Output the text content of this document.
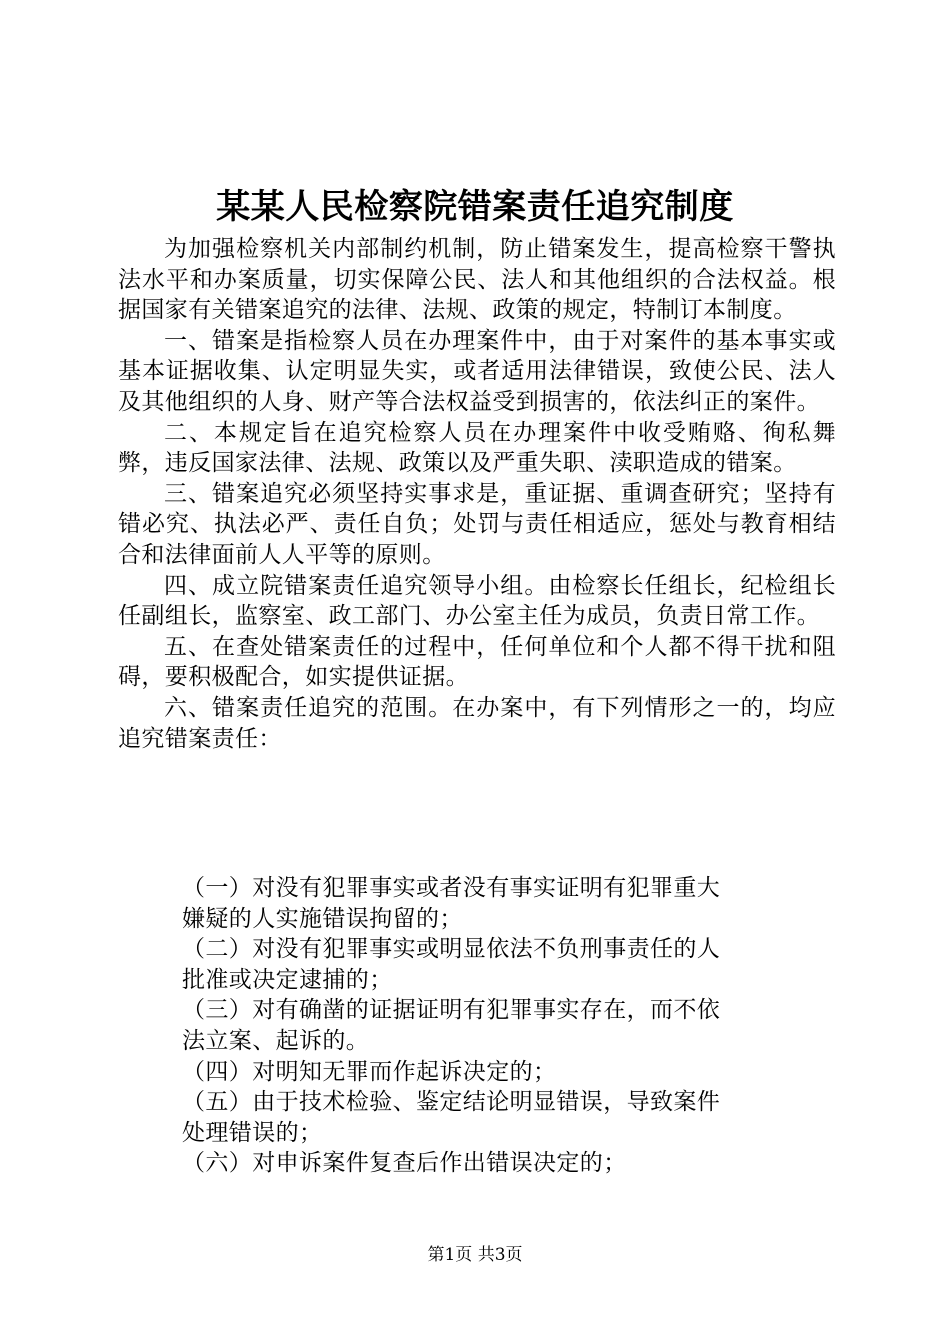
某某人民检察院错案责任追究制度

为加强检察机关内部制约机制，防止错案发生，提高检察干警执法水平和办案质量，切实保障公民、法人和其他组织的合法权益。根据国家有关错案追究的法律、法规、政策的规定，特制订本制度。

一、错案是指检察人员在办理案件中，由于对案件的基本事实或基本证据收集、认定明显失实，或者适用法律错误，致使公民、法人及其他组织的人身、财产等合法权益受到损害的，依法纠正的案件。

二、本规定旨在追究检察人员在办理案件中收受贿赂、徇私舞弊，违反国家法律、法规、政策以及严重失职、渎职造成的错案。

三、错案追究必须坚持实事求是，重证据、重调查研究；坚持有错必究、执法必严、责任自负；处罚与责任相适应，惩处与教育相结合和法律面前人人平等的原则。

四、成立院错案责任追究领导小组。由检察长任组长，纪检组长任副组长，监察室、政工部门、办公室主任为成员，负责日常工作。

五、在查处错案责任的过程中，任何单位和个人都不得干扰和阻碍，要积极配合，如实提供证据。

六、错案责任追究的范围。在办案中，有下列情形之一的，均应追究错案责任：

（一）对没有犯罪事实或者没有事实证明有犯罪重大嫌疑的人实施错误拘留的；

（二）对没有犯罪事实或明显依法不负刑事责任的人批准或决定逮捕的；

（三）对有确凿的证据证明有犯罪事实存在，而不依法立案、起诉的。

（四）对明知无罪而作起诉决定的；

（五）由于技术检验、鉴定结论明显错误，导致案件处理错误的；

（六）对申诉案件复查后作出错误决定的；

第1页 共3页
